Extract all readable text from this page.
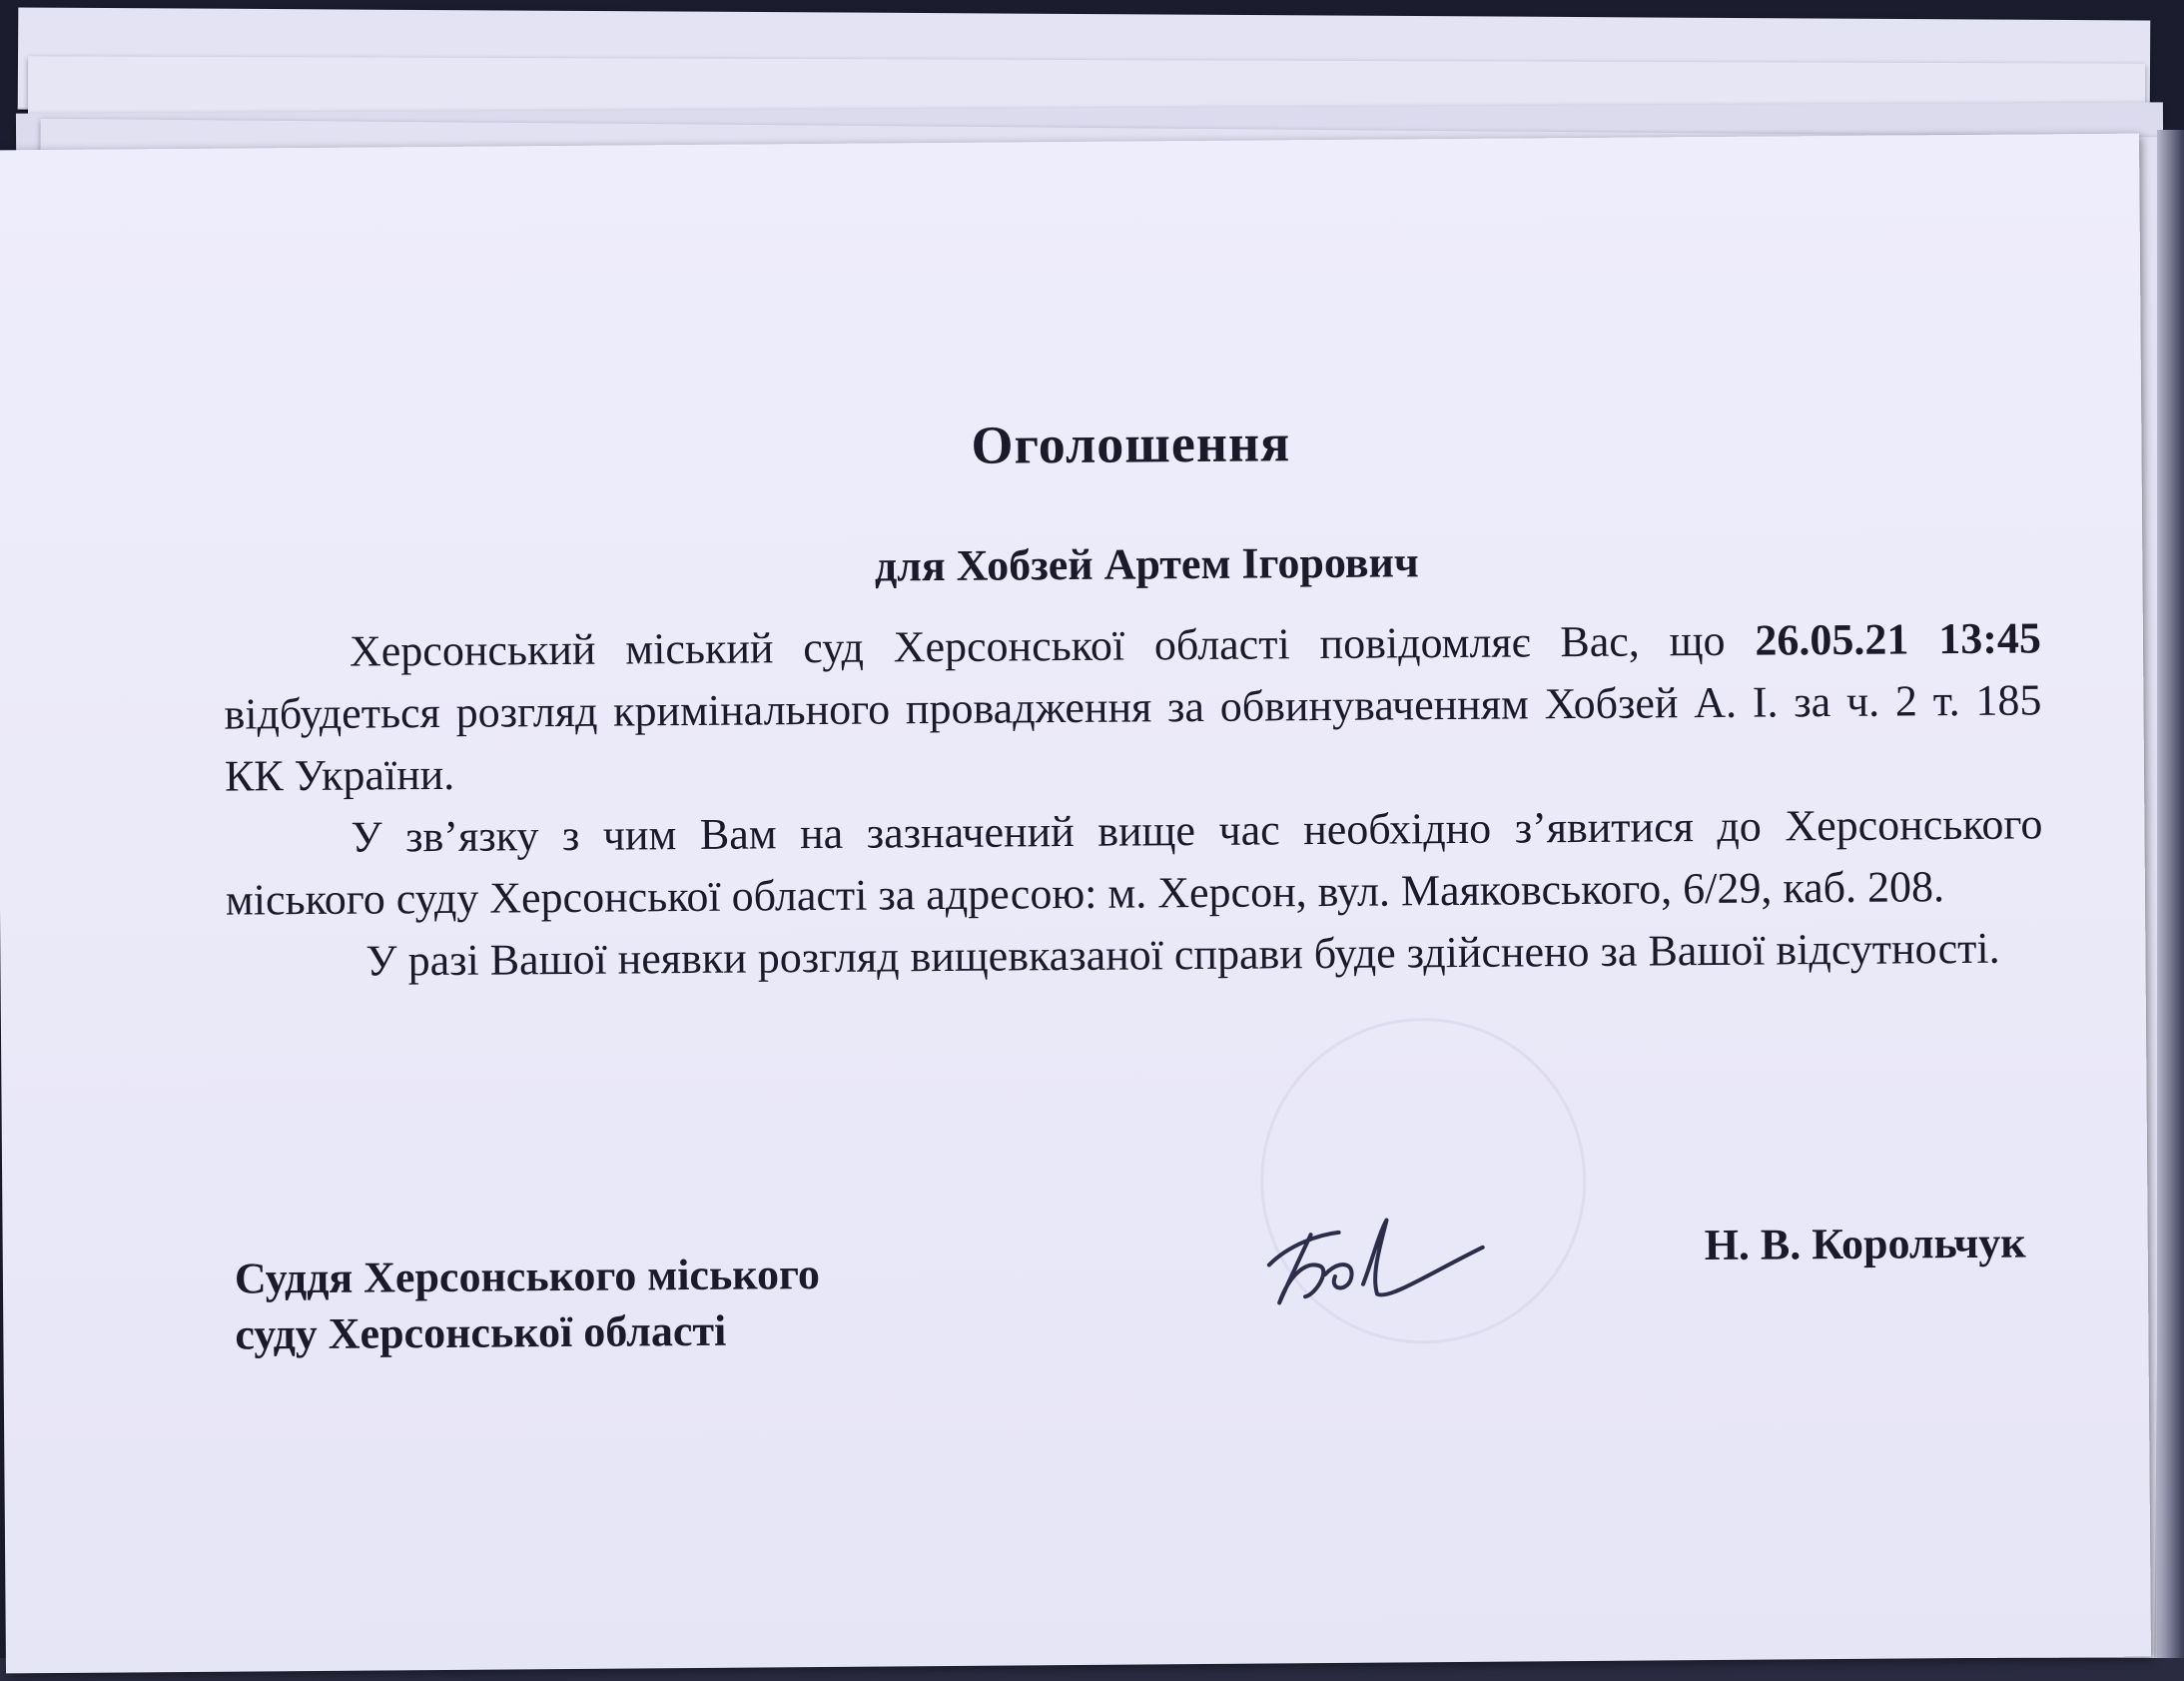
Оголошення
для Хобзей Артем Ігорович

Херсонський міський суд Херсонської області повідомляє Вас, що 26.05.21 13:45 відбудеться розгляд кримінального провадження за обвинуваченням Хобзей А. І. за ч. 2 т. 185 КК України.

У зв’язку з чим Вам на зазначений вище час необхідно з’явитися до Херсонського міського суду Херсонської області за адресою: м. Херсон, вул. Маяковського, 6/29, каб. 208.

У разі Вашої неявки розгляд вищевказаної справи буде здійснено за Вашої відсутності.

Суддя Херсонського міського
суду Херсонської області
Н. В. Корольчук
